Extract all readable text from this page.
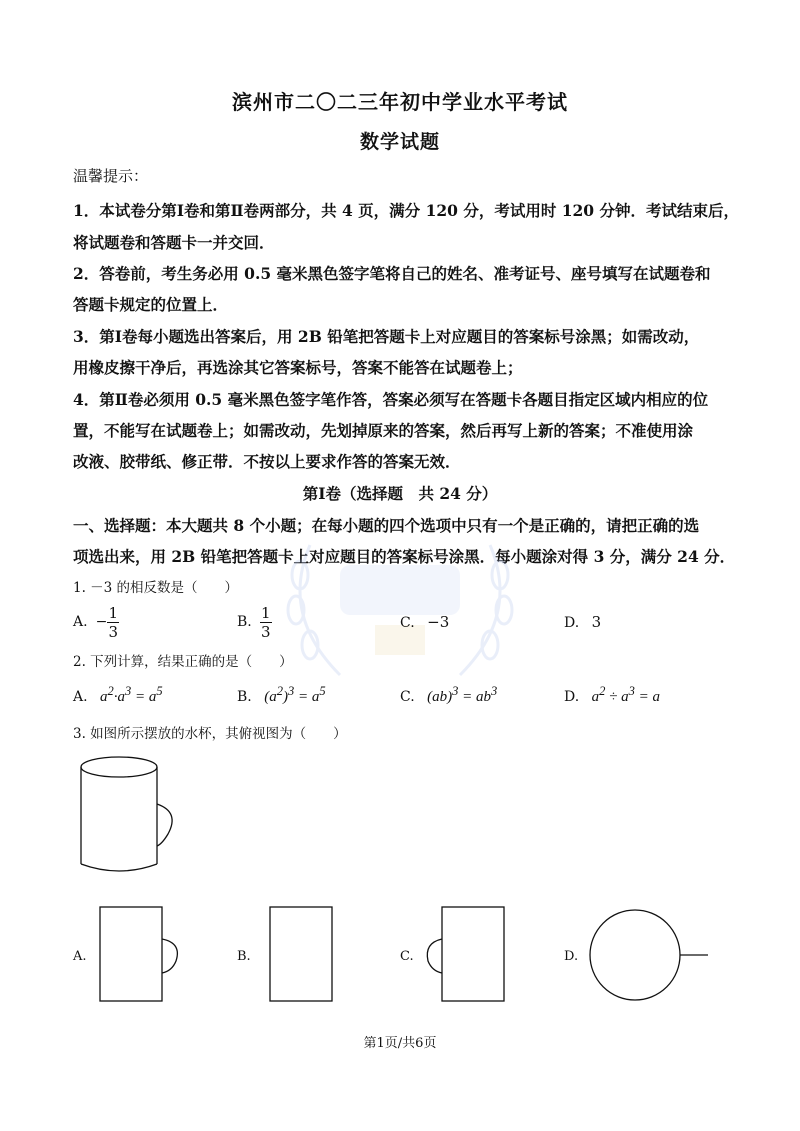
滨州市二〇二三年初中学业水平考试
数学试题
温馨提示：
1．本试卷分第Ⅰ卷和第Ⅱ卷两部分，共 4 页，满分 120 分，考试用时 120 分钟．考试结束后，
将试题卷和答题卡一并交回．
2．答卷前，考生务必用 0.5 毫米黑色签字笔将自己的姓名、准考证号、座号填写在试题卷和
答题卡规定的位置上．
3．第Ⅰ卷每小题选出答案后，用 2B 铅笔把答题卡上对应题目的答案标号涂黑；如需改动，
用橡皮擦干净后，再选涂其它答案标号，答案不能答在试题卷上；
4．第Ⅱ卷必须用 0.5 毫米黑色签字笔作答，答案必须写在答题卡各题目指定区域内相应的位
置，不能写在试题卷上；如需改动，先划掉原来的答案，然后再写上新的答案；不准使用涂
改液、胶带纸、修正带．不按以上要求作答的答案无效．
第Ⅰ卷（选择题　共 24 分）
一、选择题：本大题共 8 个小题；在每小题的四个选项中只有一个是正确的，请把正确的选
项选出来，用 2B 铅笔把答题卡上对应题目的答案标号涂黑．每小题涂对得 3 分，满分 24 分．
1. －3 的相反数是（　　）
A. − $\frac{1}{3}$	B. $\frac{1}{3}$	C. −3	D. 3
2. 下列计算，结果正确的是（　　）
A. $a^2\cdot a^3 = a^5$	B. $(a^2)^3 = a^5$	C. $(ab)^3 = ab^3$	D. $a^2 \div a^3 = a$
3. 如图所示摆放的水杯，其俯视图为（　　）
A.	B.	C.	D.
第1页/共6页
